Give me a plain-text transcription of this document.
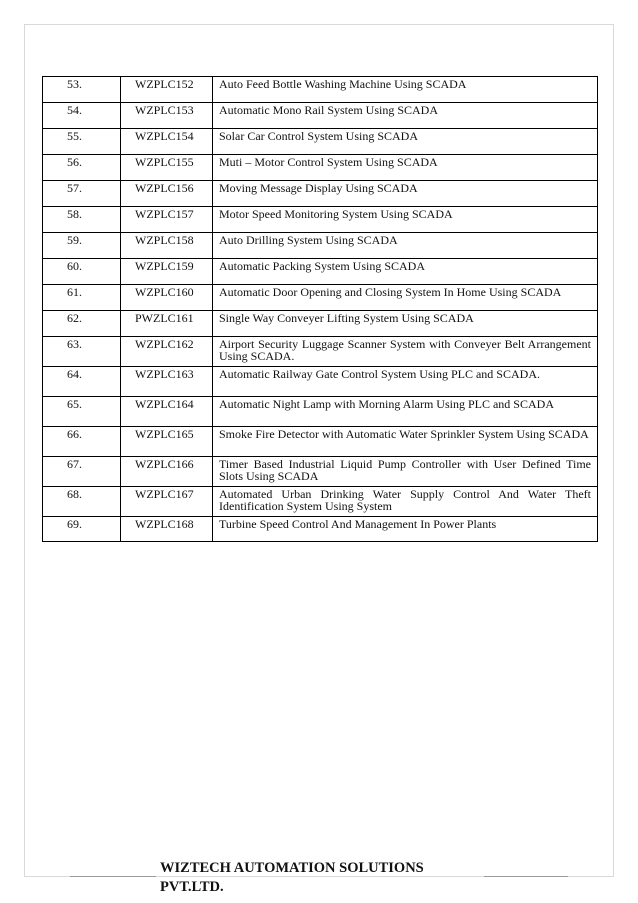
53.	WZPLC152	Auto Feed Bottle Washing Machine Using SCADA
54.	WZPLC153	Automatic Mono Rail System Using SCADA
55.	WZPLC154	Solar Car Control System Using SCADA
56.	WZPLC155	Muti – Motor Control System Using SCADA
57.	WZPLC156	Moving Message Display Using SCADA
58.	WZPLC157	Motor Speed Monitoring System Using SCADA
59.	WZPLC158	Auto Drilling System Using SCADA
60.	WZPLC159	Automatic Packing System Using SCADA
61.	WZPLC160	Automatic Door Opening and Closing System In Home Using SCADA
62.	PWZLC161	Single Way Conveyer Lifting System Using SCADA
63.	WZPLC162	Airport Security Luggage Scanner System with Conveyer Belt Arrangement Using SCADA.
64.	WZPLC163	Automatic Railway Gate Control System Using PLC and SCADA.
65.	WZPLC164	Automatic Night Lamp with Morning Alarm Using PLC and SCADA
66.	WZPLC165	Smoke Fire Detector with Automatic Water Sprinkler System Using SCADA
67.	WZPLC166	Timer Based Industrial Liquid Pump Controller with User Defined Time Slots Using SCADA
68.	WZPLC167	Automated Urban Drinking Water Supply Control And Water Theft Identification System Using System
69.	WZPLC168	Turbine Speed Control And Management In Power Plants
WIZTECH AUTOMATION SOLUTIONS
PVT.LTD.
